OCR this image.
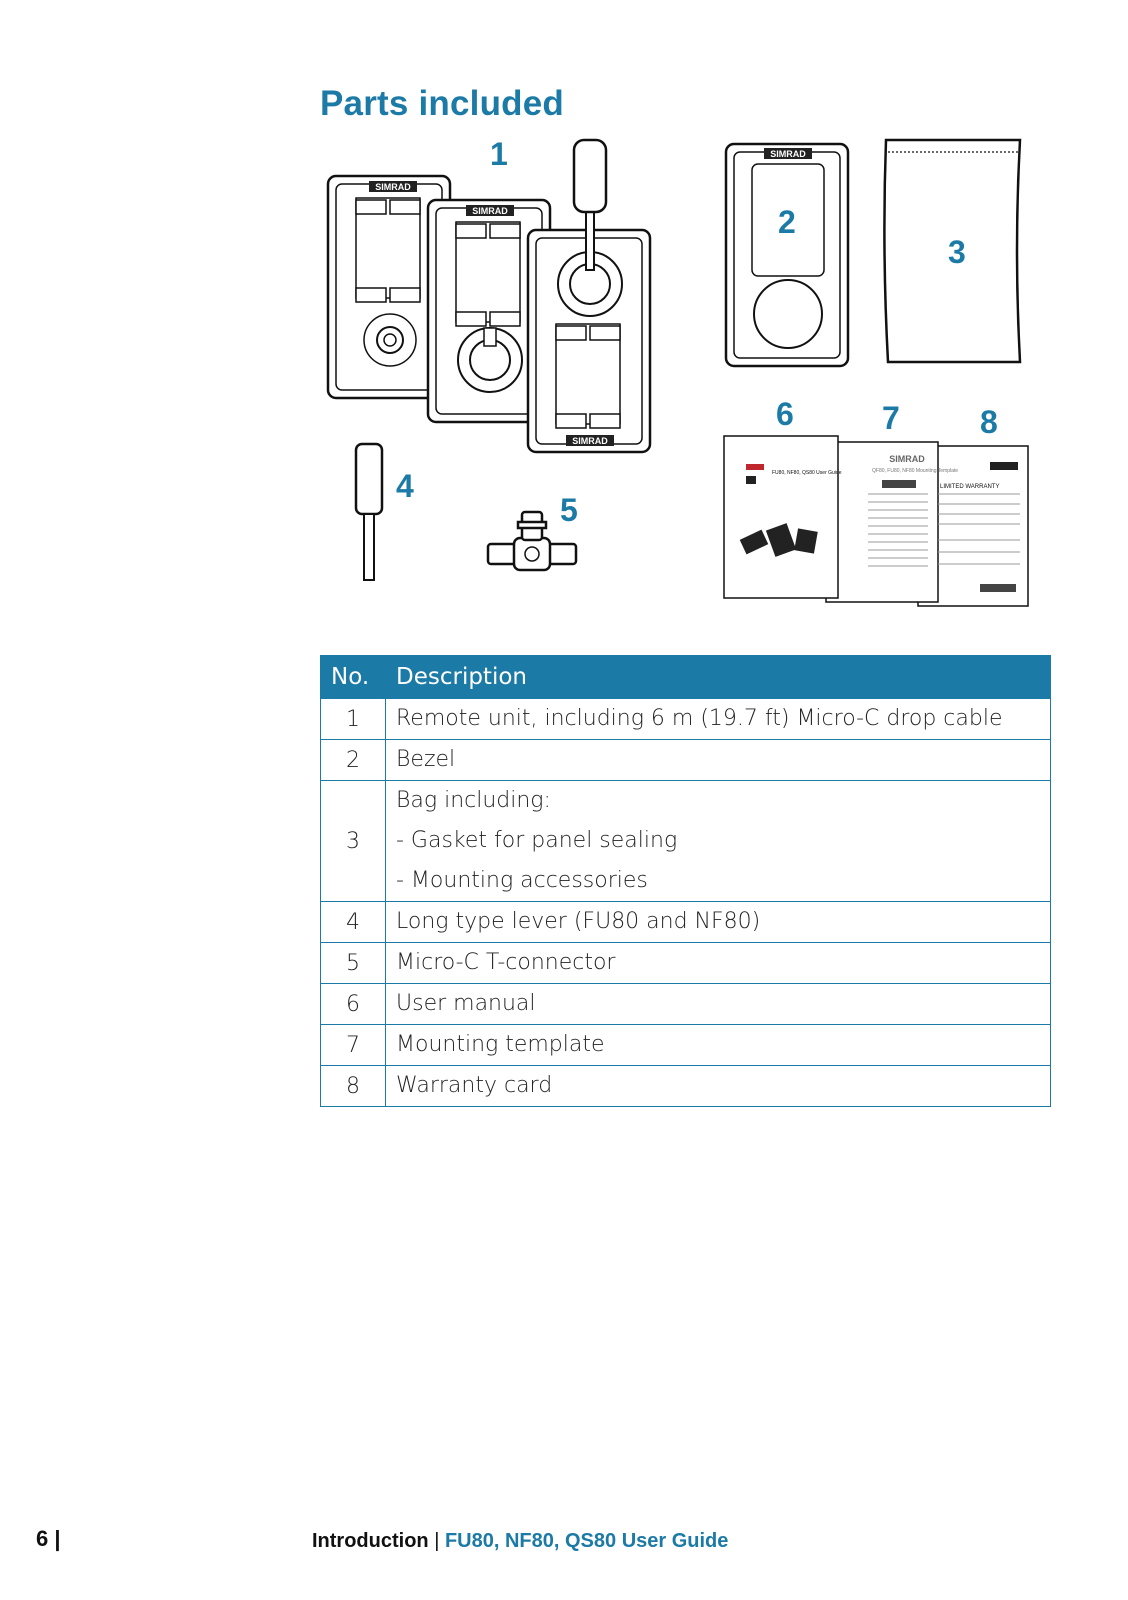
Parts included
SIMRAD
SIMRAD
SIMRAD
SIMRAD
SIMRAD
FU80, NF80, QS80 User Guide	QF80, FU80, NF80 Mounting Template
LIMITED WARRANTY
1
2
3
4
5
6	7	8
No.	Description
1	Remote unit, including 6 m (19.7 ft) Micro-C drop cable

2	Bezel

3	Bag including:
- Gasket for panel sealing
- Mounting accessories

4	Long type lever (FU80 and NF80)

5	Micro-C T-connector

6	User manual

7	Mounting template

8	Warranty card
6 |	Introduction | FU80, NF80, QS80 User Guide
